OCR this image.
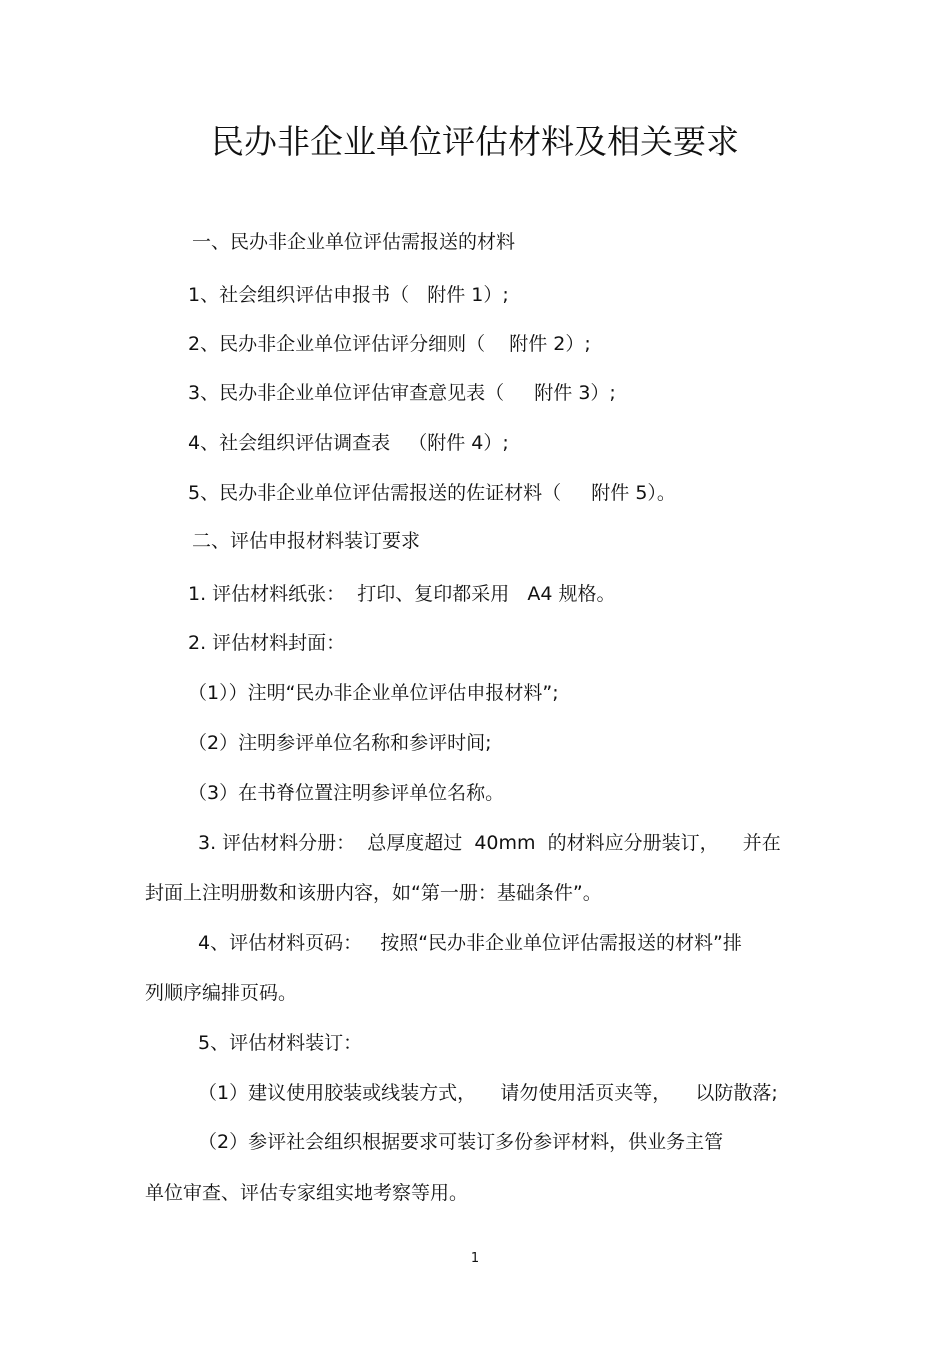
民办非企业单位评估材料及相关要求
一、民办非企业单位评估需报送的材料
1、社会组织评估申报书（   附件 1）;
2、民办非企业单位评估评分细则（    附件 2）;
3、民办非企业单位评估审查意见表（     附件 3）;
4、社会组织评估调查表   （附件 4）;
5、民办非企业单位评估需报送的佐证材料（     附件 5）。
二、评估申报材料装订要求
1. 评估材料纸张：  打印、复印都采用   A4 规格。
2. 评估材料封面：
（1））注明“民办非企业单位评估申报材料”;
（2）注明参评单位名称和参评时间;
（3）在书脊位置注明参评单位名称。
3. 评估材料分册：  总厚度超过  40mm  的材料应分册装订，    并在
封面上注明册数和该册内容，如“第一册：基础条件”。
4、评估材料页码：   按照“民办非企业单位评估需报送的材料”排
列顺序编排页码。
5、评估材料装订：
（1）建议使用胶装或线装方式，    请勿使用活页夹等，    以防散落;
（2）参评社会组织根据要求可装订多份参评材料，供业务主管
单位审查、评估专家组实地考察等用。
1
